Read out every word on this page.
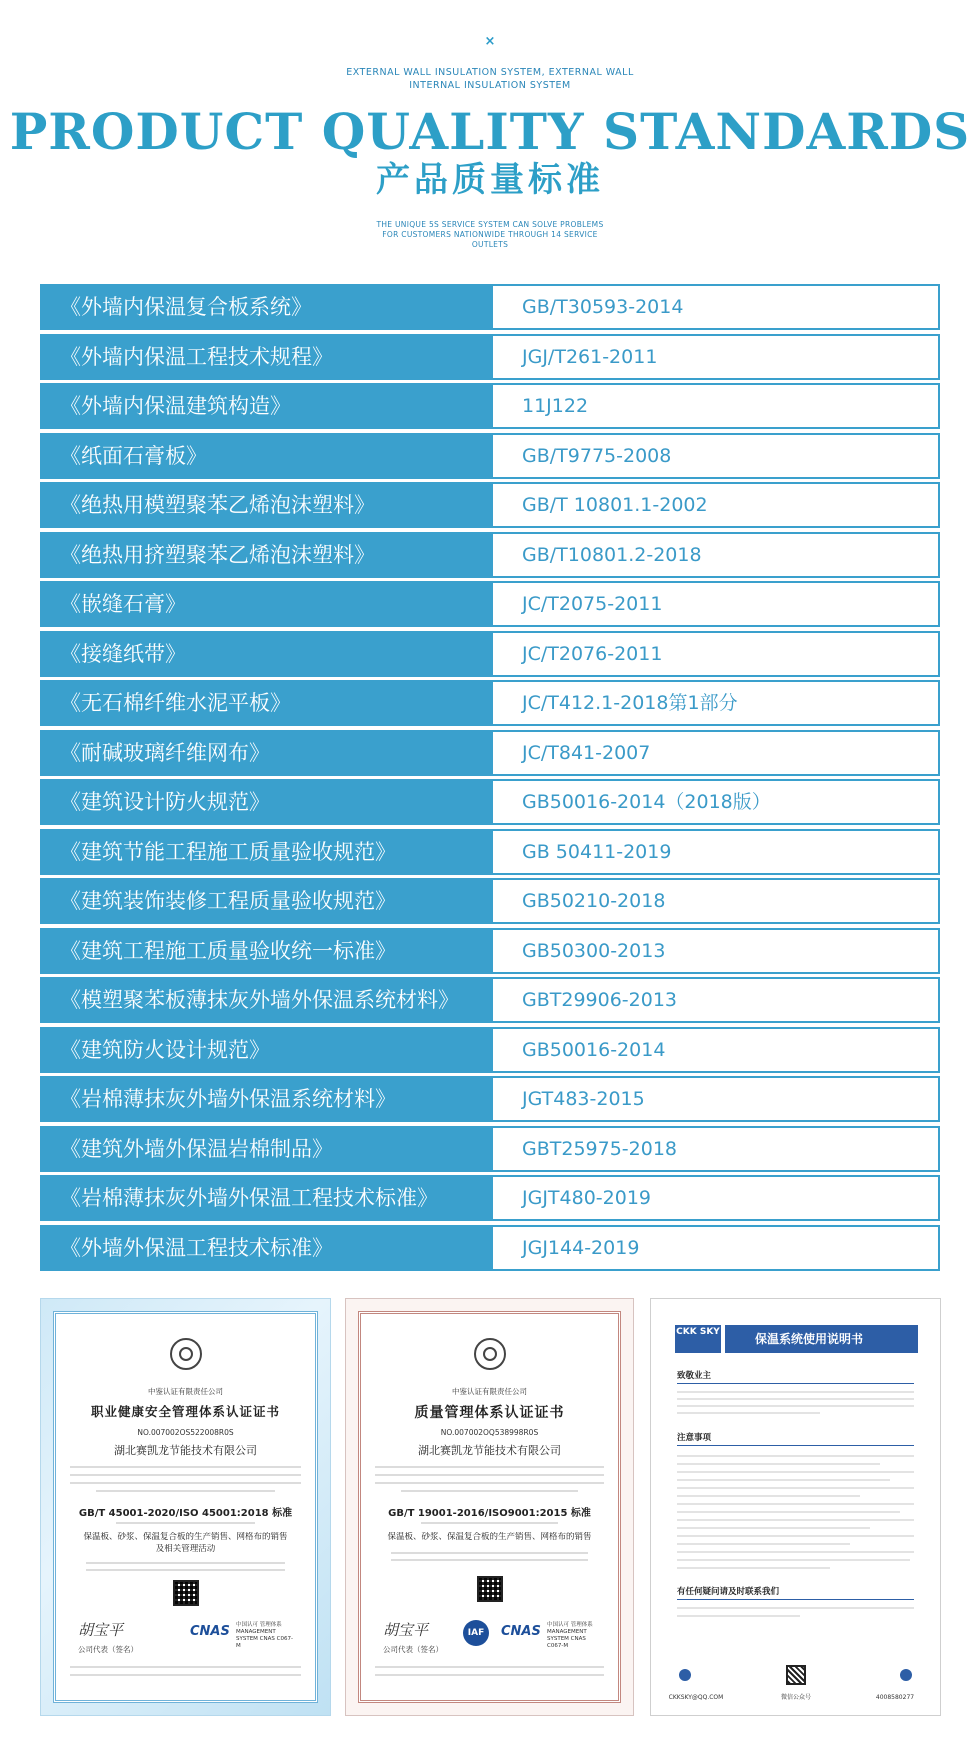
×
EXTERNAL WALL INSULATION SYSTEM, EXTERNAL WALL INTERNAL INSULATION SYSTEM
PRODUCT QUALITY STANDARDS
产品质量标准
THE UNIQUE 5S SERVICE SYSTEM CAN SOLVE PROBLEMS FOR CUSTOMERS NATIONWIDE THROUGH 14 SERVICE OUTLETS
《外墙内保温复合板系统》	GB/T30593-2014
《外墙内保温工程技术规程》	JGJ/T261-2011
《外墙内保温建筑构造》	11J122
《纸面石膏板》	GB/T9775-2008
《绝热用模塑聚苯乙烯泡沫塑料》	GB/T 10801.1-2002
《绝热用挤塑聚苯乙烯泡沫塑料》	GB/T10801.2-2018
《嵌缝石膏》	JC/T2075-2011
《接缝纸带》	JC/T2076-2011
《无石棉纤维水泥平板》	JC/T412.1-2018第1部分
《耐碱玻璃纤维网布》	JC/T841-2007
《建筑设计防火规范》	GB50016-2014（2018版）
《建筑节能工程施工质量验收规范》	GB 50411-2019
《建筑装饰装修工程质量验收规范》	GB50210-2018
《建筑工程施工质量验收统一标准》	GB50300-2013
《模塑聚苯板薄抹灰外墙外保温系统材料》	GBT29906-2013
《建筑防火设计规范》	GB50016-2014
《岩棉薄抹灰外墙外保温系统材料》	JGT483-2015
《建筑外墙外保温岩棉制品》	GBT25975-2018
《岩棉薄抹灰外墙外保温工程技术标准》	JGJT480-2019
《外墙外保温工程技术标准》	JGJ144-2019
中鉴认证有限责任公司
职业健康安全管理体系认证证书
NO.007002OS522008R0S
湖北赛凯龙节能技术有限公司
GB/T 45001-2020/ISO 45001:2018 标准
保温板、砂浆、保温复合板的生产销售、网格布的销售
及相关管理活动
胡宝平
公司代表（签名）
CNAS 中国认可 管理体系 MANAGEMENT SYSTEM CNAS C067-M
中鉴认证有限责任公司
质量管理体系认证证书
NO.007002OQ538998R0S
湖北赛凯龙节能技术有限公司
GB/T 19001-2016/ISO9001:2015 标准
保温板、砂浆、保温复合板的生产销售、网格布的销售
胡宝平
公司代表（签名）
IAF	CNAS 中国认可 管理体系 MANAGEMENT SYSTEM CNAS C067-M
CKK SKY	保温系统使用说明书
致敬业主
注意事项
有任何疑问请及时联系我们
CKKSKY@QQ.COM	微信公众号	4008580277
